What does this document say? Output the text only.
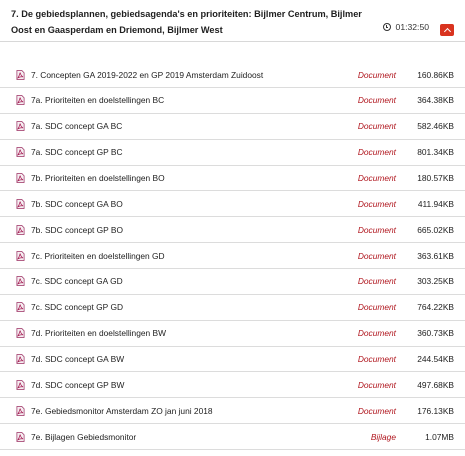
7. De gebiedsplannen, gebiedsagenda's en prioriteiten: Bijlmer Centrum, Bijlmer
Oost en Gaasperdam en Driemond, Bijlmer West	01:32:50
7. Concepten GA 2019-2022 en GP 2019 Amsterdam Zuidoost	Document	160.86KB
7a. Prioriteiten en doelstellingen BC	Document	364.38KB
7a. SDC concept GA BC	Document	582.46KB
7a. SDC concept GP BC	Document	801.34KB
7b. Prioriteiten en doelstellingen BO	Document	180.57KB
7b. SDC concept GA BO	Document	411.94KB
7b. SDC concept GP BO	Document	665.02KB
7c. Prioriteiten en doelstellingen GD	Document	363.61KB
7c. SDC concept GA GD	Document	303.25KB
7c. SDC concept GP GD	Document	764.22KB
7d. Prioriteiten en doelstellingen BW	Document	360.73KB
7d. SDC concept GA BW	Document	244.54KB
7d. SDC concept GP BW	Document	497.68KB
7e. Gebiedsmonitor Amsterdam ZO jan juni 2018	Document	176.13KB
7e. Bijlagen Gebiedsmonitor	Bijlage	1.07MB
